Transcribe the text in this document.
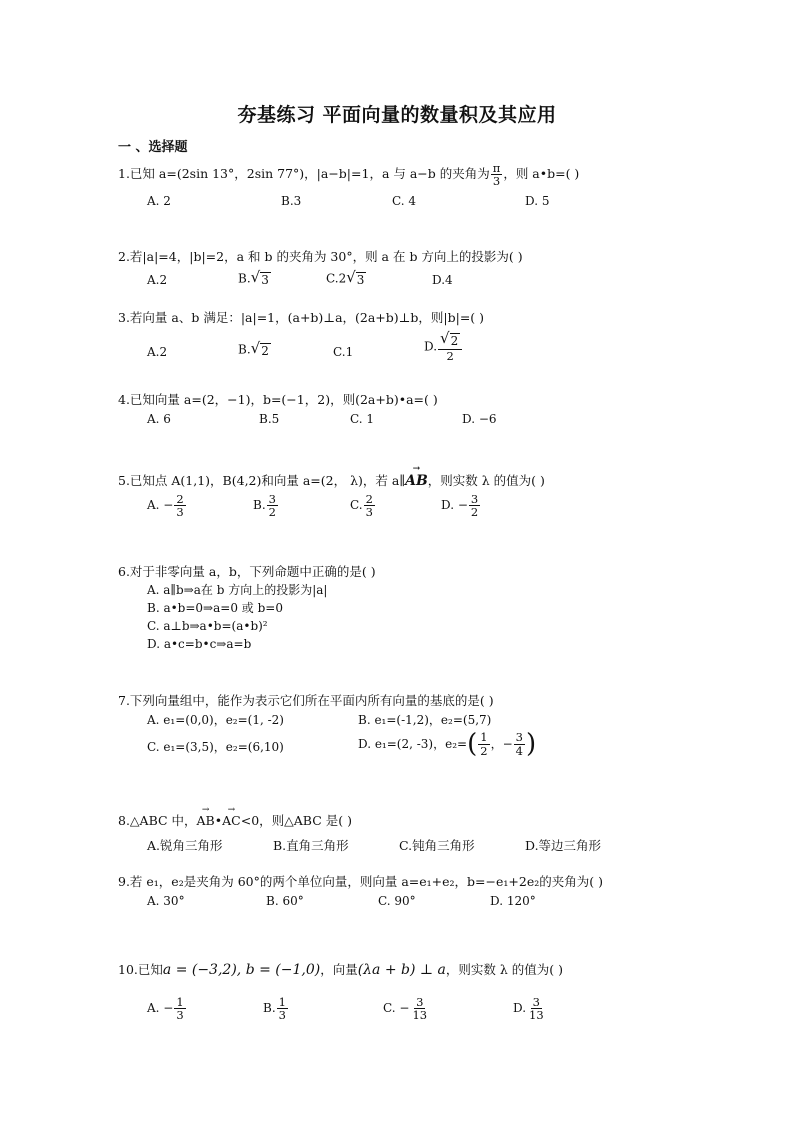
夯基练习 平面向量的数量积及其应用
一 、选择题
1.已知 a=(2sin 13°，2sin 77°)，|a−b|=1，a 与 a−b 的夹角为 $\frac{\pi}{3}$ ，则 a•b=( )
A. 2	B.3	C. 4	D. 5
2.若|a|=4，|b|=2，a 和 b 的夹角为 30°，则 a 在 b 方向上的投影为( )
A.2	B. √ 3	C.2 √ 3	D.4
3.若向量 a、b 满足：|a|=1，(a+b)⊥a，(2a+b)⊥b，则|b|=( )
A.2	B. √ 2	C.1	D. $\frac{√ 2}{2}$
4.已知向量 a=(2，−1)，b=(−1，2)，则(2a+b)•a=( )
A. 6	B.5	C. 1	D. −6
5.已知点 A(1,1)，B(4,2)和向量 a=(2， λ)，若 a∥→ AB，则实数 λ 的值为( )
A. − $\frac{2}{3}$	B. $\frac{3}{2}$	C. $\frac{2}{3}$	D. − $\frac{3}{2}$
6.对于非零向量 a，b，下列命题中正确的是( )
A. a∥b⇒a在 b 方向上的投影为|a|
B. a•b=0⇒a=0 或 b=0
C. a⊥b⇒a•b=(a•b)²
D. a•c=b•c⇒a=b
7.下列向量组中，能作为表示它们所在平面内所有向量的基底的是( )
A. e₁=(0,0)，e₂=(1, -2)	B. e₁=(-1,2)，e₂=(5,7)
C. e₁=(3,5)，e₂=(6,10)	D. e₁=(2, -3)，$e_2=( \frac{1}{2}$ ，− $\frac{3}{4}$ )
8.△ABC 中，→ AB•→ AC<0，则△ABC 是( )
A.锐角三角形	B.直角三角形	C.钝角三角形	D.等边三角形
9.若 e₁，e₂是夹角为 60°的两个单位向量，则向量 a=e₁+e₂，b=−e₁+2e₂的夹角为( )
A. 30°	B. 60°	C. 90°	D. 120°
10.已知a = (−3,2), b = (−1,0)，向量(λa + b) ⊥ a，则实数 λ 的值为( )
A. − $\frac{1}{3}$	B. $\frac{1}{3}$	C. − $\frac{3}{13}$	D. $\frac{3}{13}$
